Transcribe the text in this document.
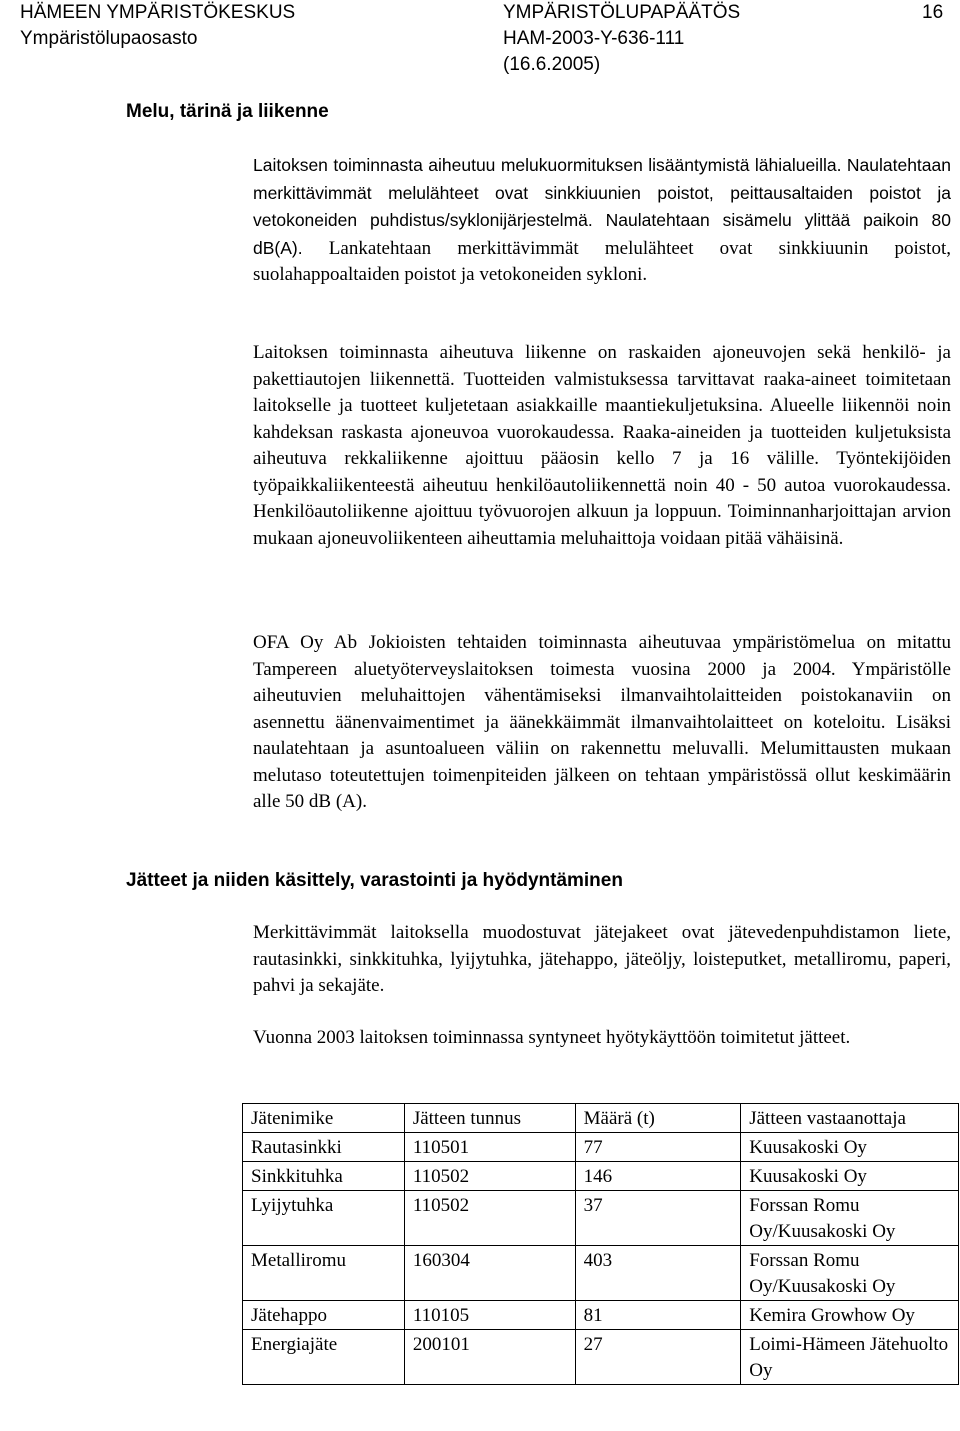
HÄMEEN YMPÄRISTÖKESKUS
Ympäristölupaosasto
YMPÄRISTÖLUPAPÄÄTÖS
HAM-2003-Y-636-111
(16.6.2005)
16
Melu, tärinä ja liikenne

Laitoksen toiminnasta aiheutuu melukuormituksen lisääntymistä lähialueilla. Naulatehtaan merkittävimmät melulähteet ovat sinkkiuunien poistot, peittausaltaiden poistot ja vetokoneiden puhdistus/syklonijärjestelmä. Naulatehtaan sisämelu ylittää paikoin 80 dB(A). Lankatehtaan merkittävimmät melulähteet ovat sinkkiuunin poistot, suolahappoaltaiden poistot ja vetokoneiden sykloni.

Laitoksen toiminnasta aiheutuva liikenne on raskaiden ajoneuvojen sekä henkilö- ja pakettiautojen liikennettä. Tuotteiden valmistuksessa tarvittavat raaka-aineet toimitetaan laitokselle ja tuotteet kuljetetaan asiakkaille maantiekuljetuksina. Alueelle liikennöi noin kahdeksan raskasta ajoneuvoa vuorokaudessa. Raaka-aineiden ja tuotteiden kuljetuksista aiheutuva rekkaliikenne ajoittuu pääosin kello 7 ja 16 välille. Työntekijöiden työpaikkaliikenteestä aiheutuu henkilöautoliikennettä noin 40 - 50 autoa vuorokaudessa. Henkilöautoliikenne ajoittuu työvuorojen alkuun ja loppuun. Toiminnanharjoittajan arvion mukaan ajoneuvoliikenteen aiheuttamia meluhaittoja voidaan pitää vähäisinä.

OFA Oy Ab Jokioisten tehtaiden toiminnasta aiheutuvaa ympäristömelua on mitattu Tampereen aluetyöterveyslaitoksen toimesta vuosina 2000 ja 2004. Ympäristölle aiheutuvien meluhaittojen vähentämiseksi ilmanvaihtolaitteiden poistokanaviin on asennettu äänenvaimentimet ja äänekkäimmät ilmanvaihtolaitteet on koteloitu. Lisäksi naulatehtaan ja asuntoalueen väliin on rakennettu meluvalli. Melumittausten mukaan melutaso toteutettujen toimenpiteiden jälkeen on tehtaan ympäristössä ollut keskimäärin alle 50 dB (A).

Jätteet ja niiden käsittely, varastointi ja hyödyntäminen

Merkittävimmät laitoksella muodostuvat jätejakeet ovat jätevedenpuhdistamon liete, rautasinkki, sinkkituhka, lyijytuhka, jätehappo, jäteöljy, loisteputket, metalliromu, paperi, pahvi ja sekajäte.

Vuonna 2003 laitoksen toiminnassa syntyneet hyötykäyttöön toimitetut jätteet.

Jätenimike	Jätteen tunnus	Määrä (t)	Jätteen vastaanottaja
Rautasinkki	110501	77	Kuusakoski Oy
Sinkkituhka	110502	146	Kuusakoski Oy
Lyijytuhka	110502	37	Forssan Romu Oy/Kuusakoski Oy
Metalliromu	160304	403	Forssan Romu Oy/Kuusakoski Oy
Jätehappo	110105	81	Kemira Growhow Oy
Energiajäte	200101	27	Loimi-Hämeen Jätehuolto Oy
